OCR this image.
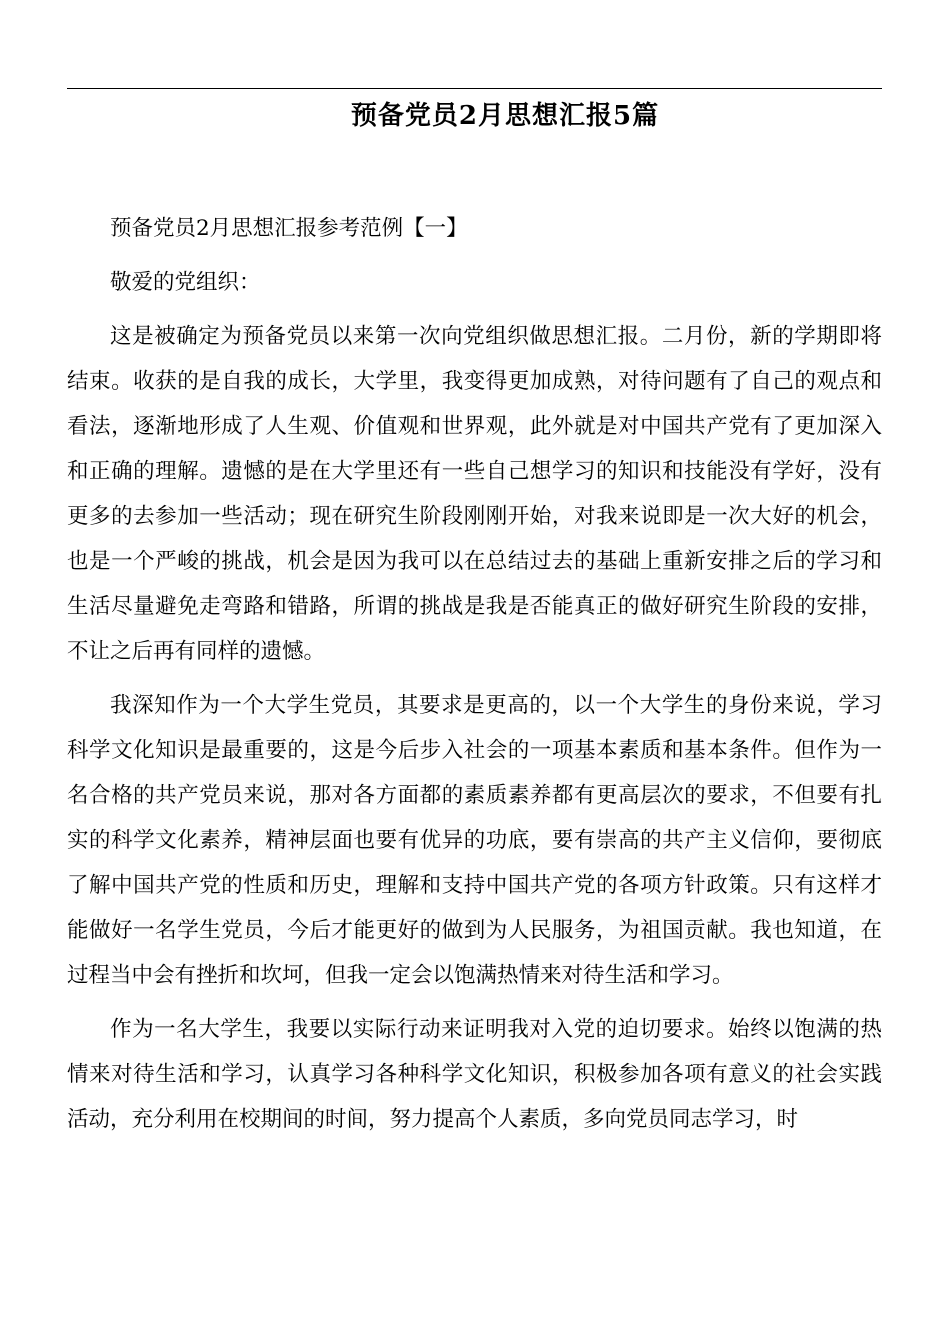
预备党员2月思想汇报5篇

预备党员2月思想汇报参考范例【一】

敬爱的党组织：

这是被确定为预备党员以来第一次向党组织做思想汇报。二月份，新的学期即将结束。收获的是自我的成长，大学里，我变得更加成熟，对待问题有了自己的观点和看法，逐渐地形成了人生观、价值观和世界观，此外就是对中国共产党有了更加深入和正确的理解。遗憾的是在大学里还有一些自己想学习的知识和技能没有学好，没有更多的去参加一些活动；现在研究生阶段刚刚开始，对我来说即是一次大好的机会，也是一个严峻的挑战，机会是因为我可以在总结过去的基础上重新安排之后的学习和生活尽量避免走弯路和错路，所谓的挑战是我是否能真正的做好研究生阶段的安排，不让之后再有同样的遗憾。

我深知作为一个大学生党员，其要求是更高的，以一个大学生的身份来说，学习科学文化知识是最重要的，这是今后步入社会的一项基本素质和基本条件。但作为一名合格的共产党员来说，那对各方面都的素质素养都有更高层次的要求，不但要有扎实的科学文化素养，精神层面也要有优异的功底，要有崇高的共产主义信仰，要彻底了解中国共产党的性质和历史，理解和支持中国共产党的各项方针政策。只有这样才能做好一名学生党员，今后才能更好的做到为人民服务，为祖国贡献。我也知道，在过程当中会有挫折和坎坷，但我一定会以饱满热情来对待生活和学习。

作为一名大学生，我要以实际行动来证明我对入党的迫切要求。始终以饱满的热情来对待生活和学习，认真学习各种科学文化知识，积极参加各项有意义的社会实践活动，充分利用在校期间的时间，努力提高个人素质，多向党员同志学习，时
